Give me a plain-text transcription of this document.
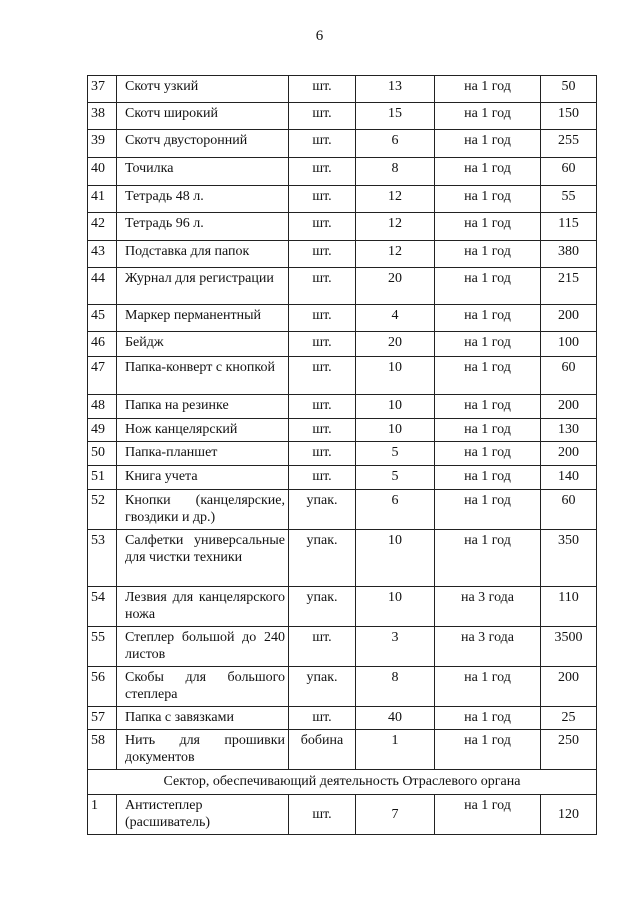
6
37	Скотч узкий	шт.	13	на 1 год	50
38	Скотч широкий	шт.	15	на 1 год	150
39	Скотч двусторонний	шт.	6	на 1 год	255
40	Точилка	шт.	8	на 1 год	60
41	Тетрадь 48 л.	шт.	12	на 1 год	55
42	Тетрадь 96 л.	шт.	12	на 1 год	115
43	Подставка для папок	шт.	12	на 1 год	380
44	Журнал для регистрации	шт.	20	на 1 год	215
45	Маркер перманентный	шт.	4	на 1 год	200
46	Бейдж	шт.	20	на 1 год	100
47	Папка-конверт с кнопкой	шт.	10	на 1 год	60
48	Папка на резинке	шт.	10	на 1 год	200
49	Нож канцелярский	шт.	10	на 1 год	130
50	Папка-планшет	шт.	5	на 1 год	200
51	Книга учета	шт.	5	на 1 год	140
52	Кнопки (канцелярские, гвоздики и др.)	упак.	6	на 1 год	60
53	Салфетки универсальные для чистки техники	упак.	10	на 1 год	350
54	Лезвия для канцелярского ножа	упак.	10	на 3 года	110
55	Степлер большой до 240 листов	шт.	3	на 3 года	3500
56	Скобы для большого степлера	упак.	8	на 1 год	200
57	Папка с завязками	шт.	40	на 1 год	25
58	Нить для прошивки документов	бобина	1	на 1 год	250
Сектор, обеспечивающий деятельность Отраслевого органа					
1	Антистеплер (расшиватель)	шт.	7	на 1 год	120
